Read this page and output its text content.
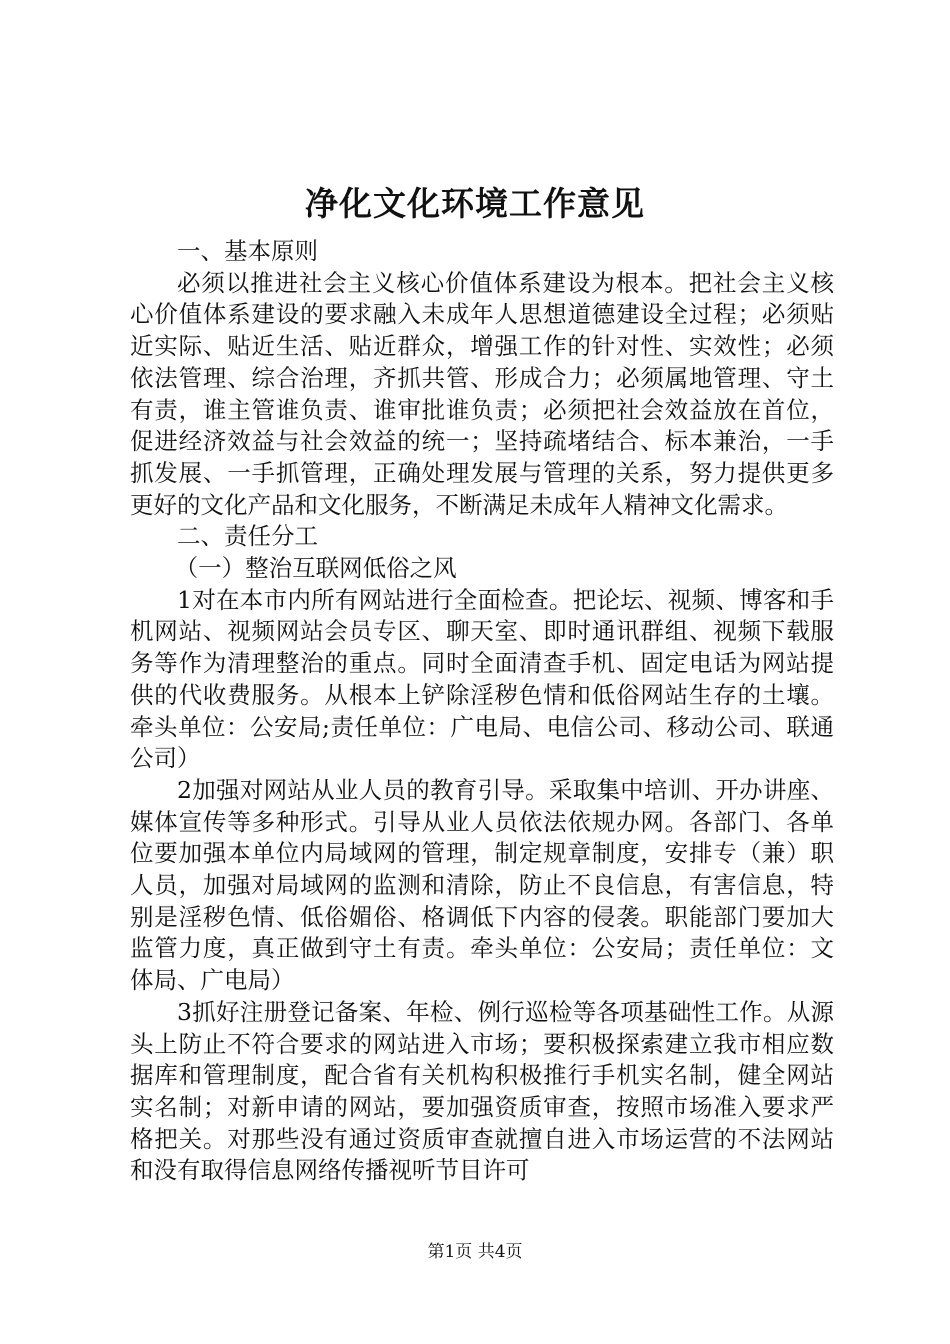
净化文化环境工作意见

一、基本原则

必须以推进社会主义核心价值体系建设为根本。把社会主义核心价值体系建设的要求融入未成年人思想道德建设全过程；必须贴近实际、贴近生活、贴近群众，增强工作的针对性、实效性；必须依法管理、综合治理，齐抓共管、形成合力；必须属地管理、守土有责，谁主管谁负责、谁审批谁负责；必须把社会效益放在首位，促进经济效益与社会效益的统一；坚持疏堵结合、标本兼治，一手抓发展、一手抓管理，正确处理发展与管理的关系，努力提供更多更好的文化产品和文化服务，不断满足未成年人精神文化需求。

二、责任分工

（一）整治互联网低俗之风

1对在本市内所有网站进行全面检查。把论坛、视频、博客和手机网站、视频网站会员专区、聊天室、即时通讯群组、视频下载服务等作为清理整治的重点。同时全面清查手机、固定电话为网站提供的代收费服务。从根本上铲除淫秽色情和低俗网站生存的土壤。牵头单位：公安局;责任单位：广电局、电信公司、移动公司、联通公司）

2加强对网站从业人员的教育引导。采取集中培训、开办讲座、媒体宣传等多种形式。引导从业人员依法依规办网。各部门、各单位要加强本单位内局域网的管理，制定规章制度，安排专（兼）职人员，加强对局域网的监测和清除，防止不良信息，有害信息，特别是淫秽色情、低俗媚俗、格调低下内容的侵袭。职能部门要加大监管力度，真正做到守土有责。牵头单位：公安局；责任单位：文体局、广电局）

3抓好注册登记备案、年检、例行巡检等各项基础性工作。从源头上防止不符合要求的网站进入市场；要积极探索建立我市相应数据库和管理制度，配合省有关机构积极推行手机实名制，健全网站实名制；对新申请的网站，要加强资质审查，按照市场准入要求严格把关。对那些没有通过资质审查就擅自进入市场运营的不法网站和没有取得信息网络传播视听节目许可

第1页 共4页
